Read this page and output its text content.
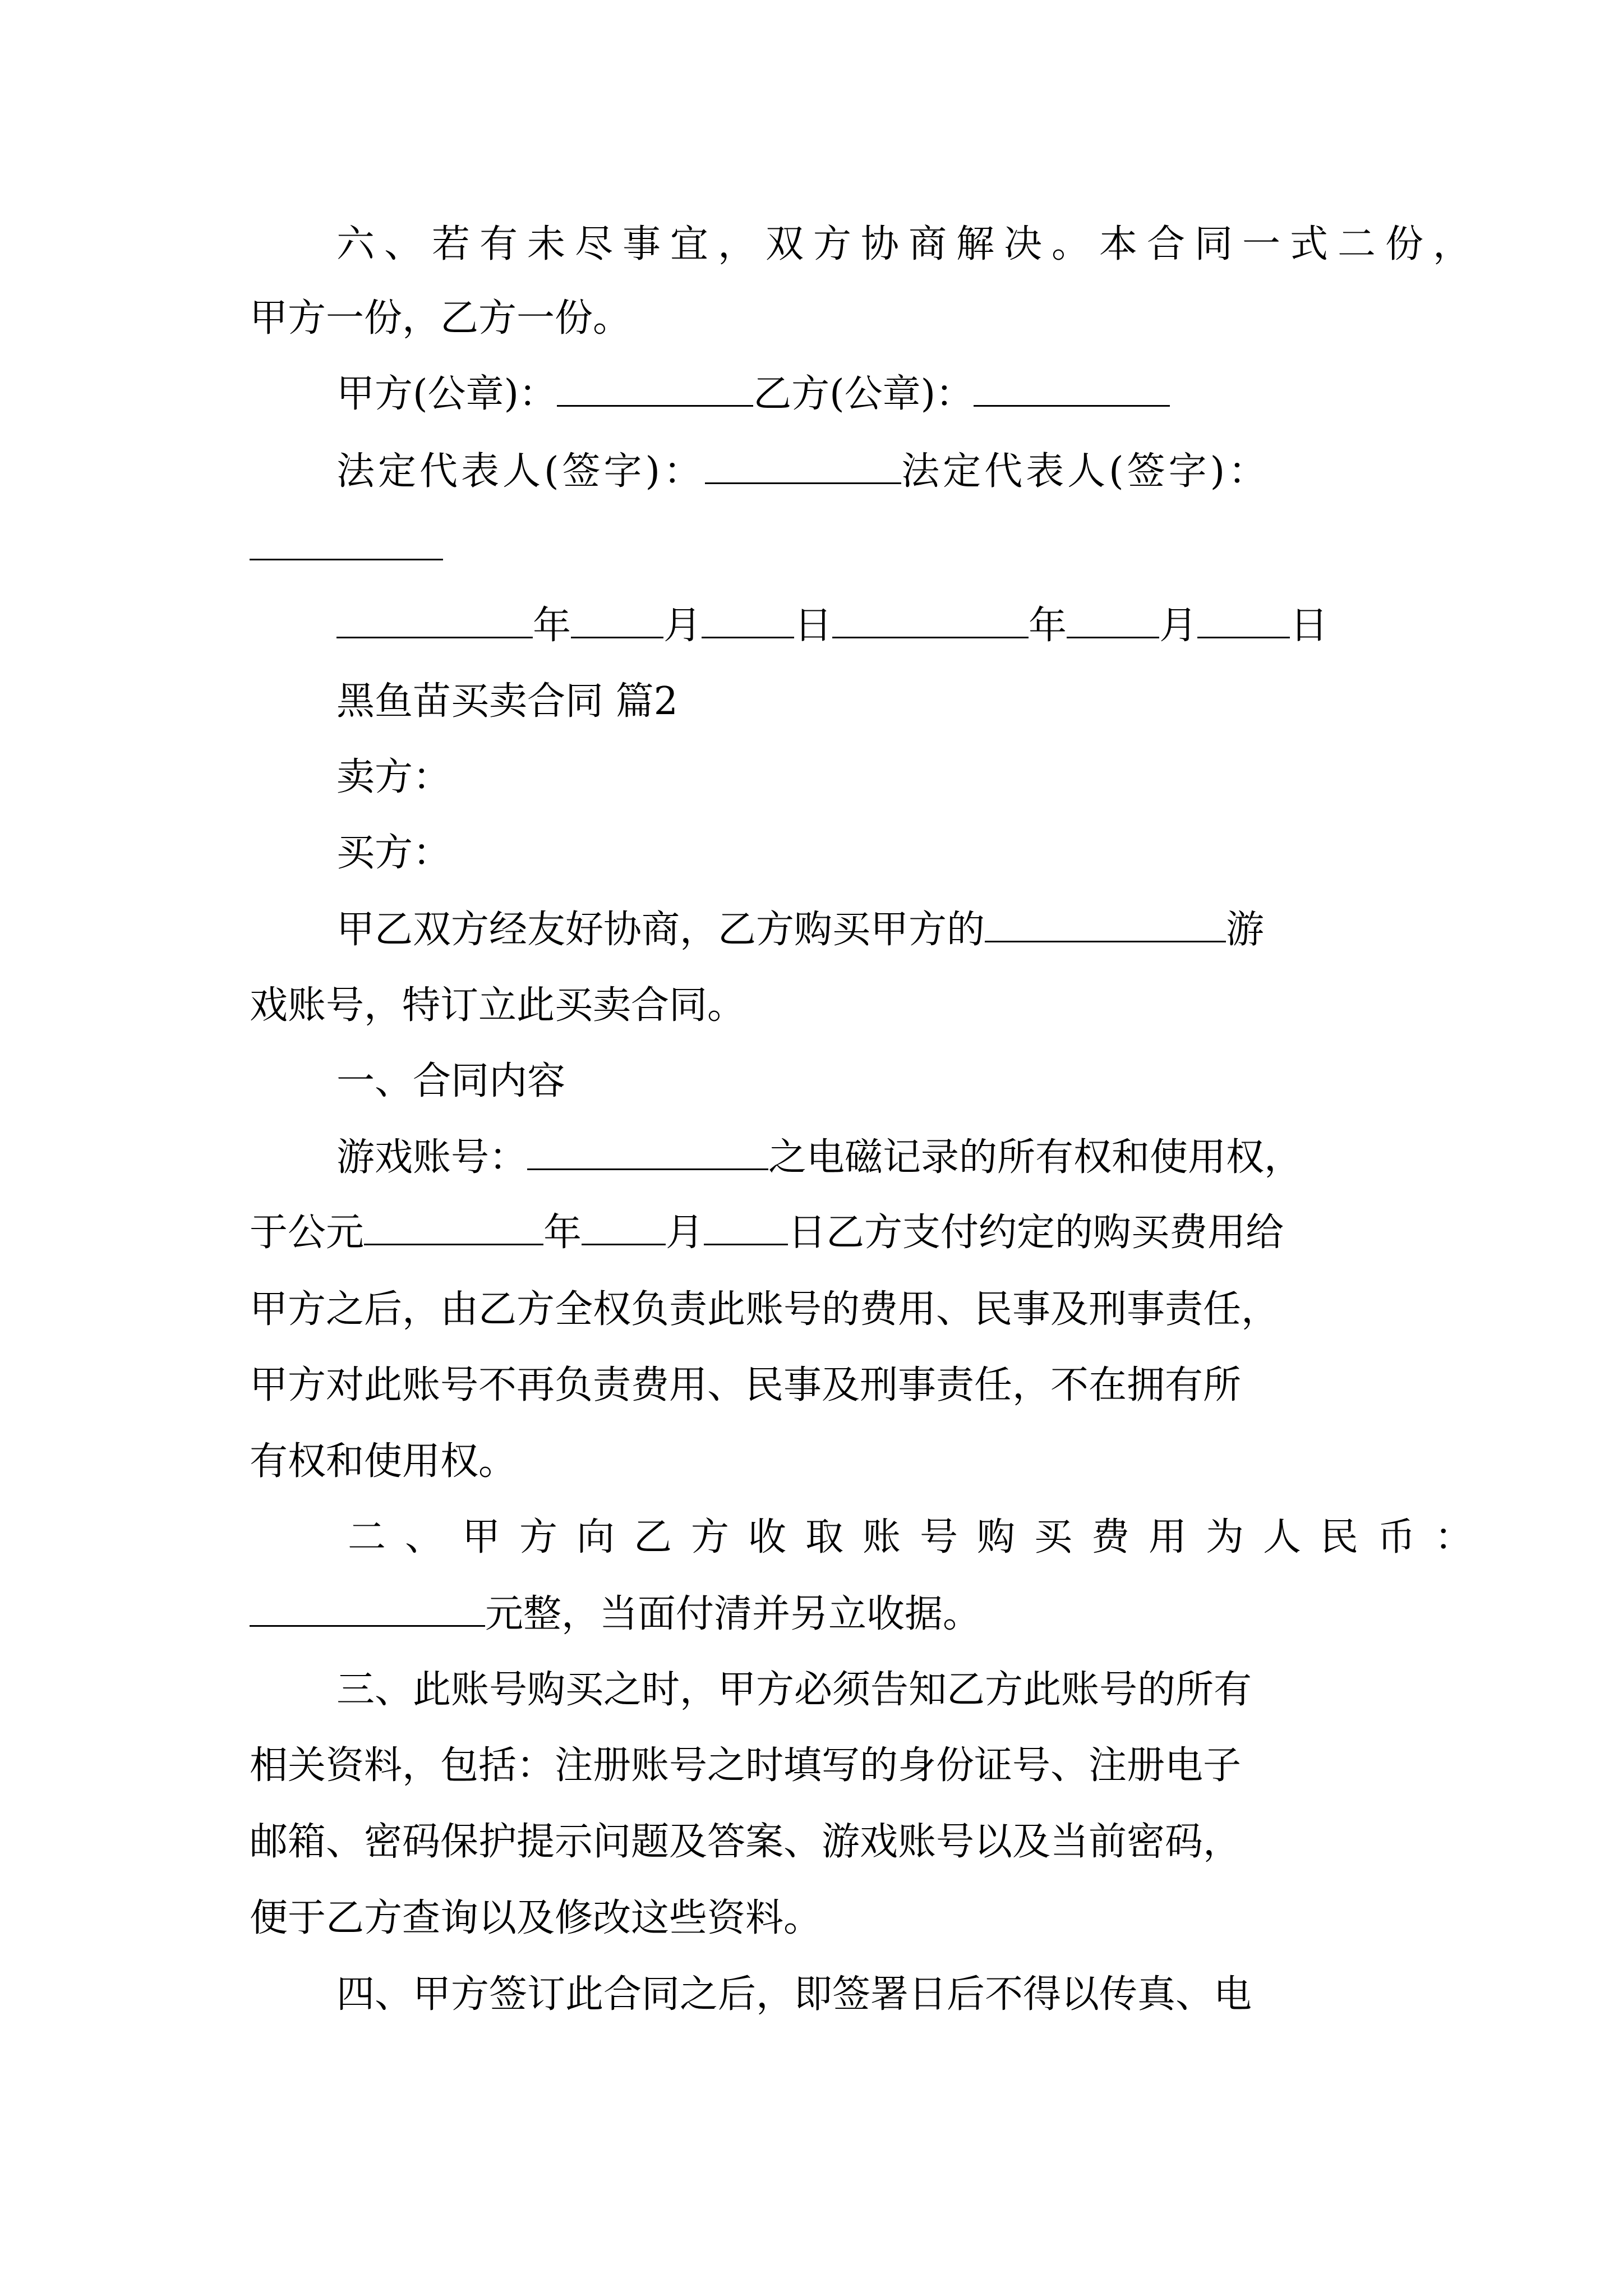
六、若有未尽事宜，双方协商解决。本合同一式二份，
甲方一份，乙方一份。
甲方(公章)：	乙方(公章)：
法定代表人(签字)：	法定代表人(签字)：
年 月 日	年 月 日
黑鱼苗买卖合同 篇2
卖方：
买方：
甲乙双方经友好协商，乙方购买甲方的	游
戏账号，特订立此买卖合同。
一、合同内容
游戏账号：	之电磁记录的所有权和使用权，
于公元	年 月 日乙方支付约定的购买费用给
甲方之后，由乙方全权负责此账号的费用、民事及刑事责任，
甲方对此账号不再负责费用、民事及刑事责任，不在拥有所
有权和使用权。
二、甲方向乙方收取账号购买费用为人民币：
元整，当面付清并另立收据。
三、此账号购买之时，甲方必须告知乙方此账号的所有
相关资料，包括：注册账号之时填写的身份证号、注册电子
邮箱、密码保护提示问题及答案、游戏账号以及当前密码，
便于乙方查询以及修改这些资料。
四、甲方签订此合同之后，即签署日后不得以传真、电
